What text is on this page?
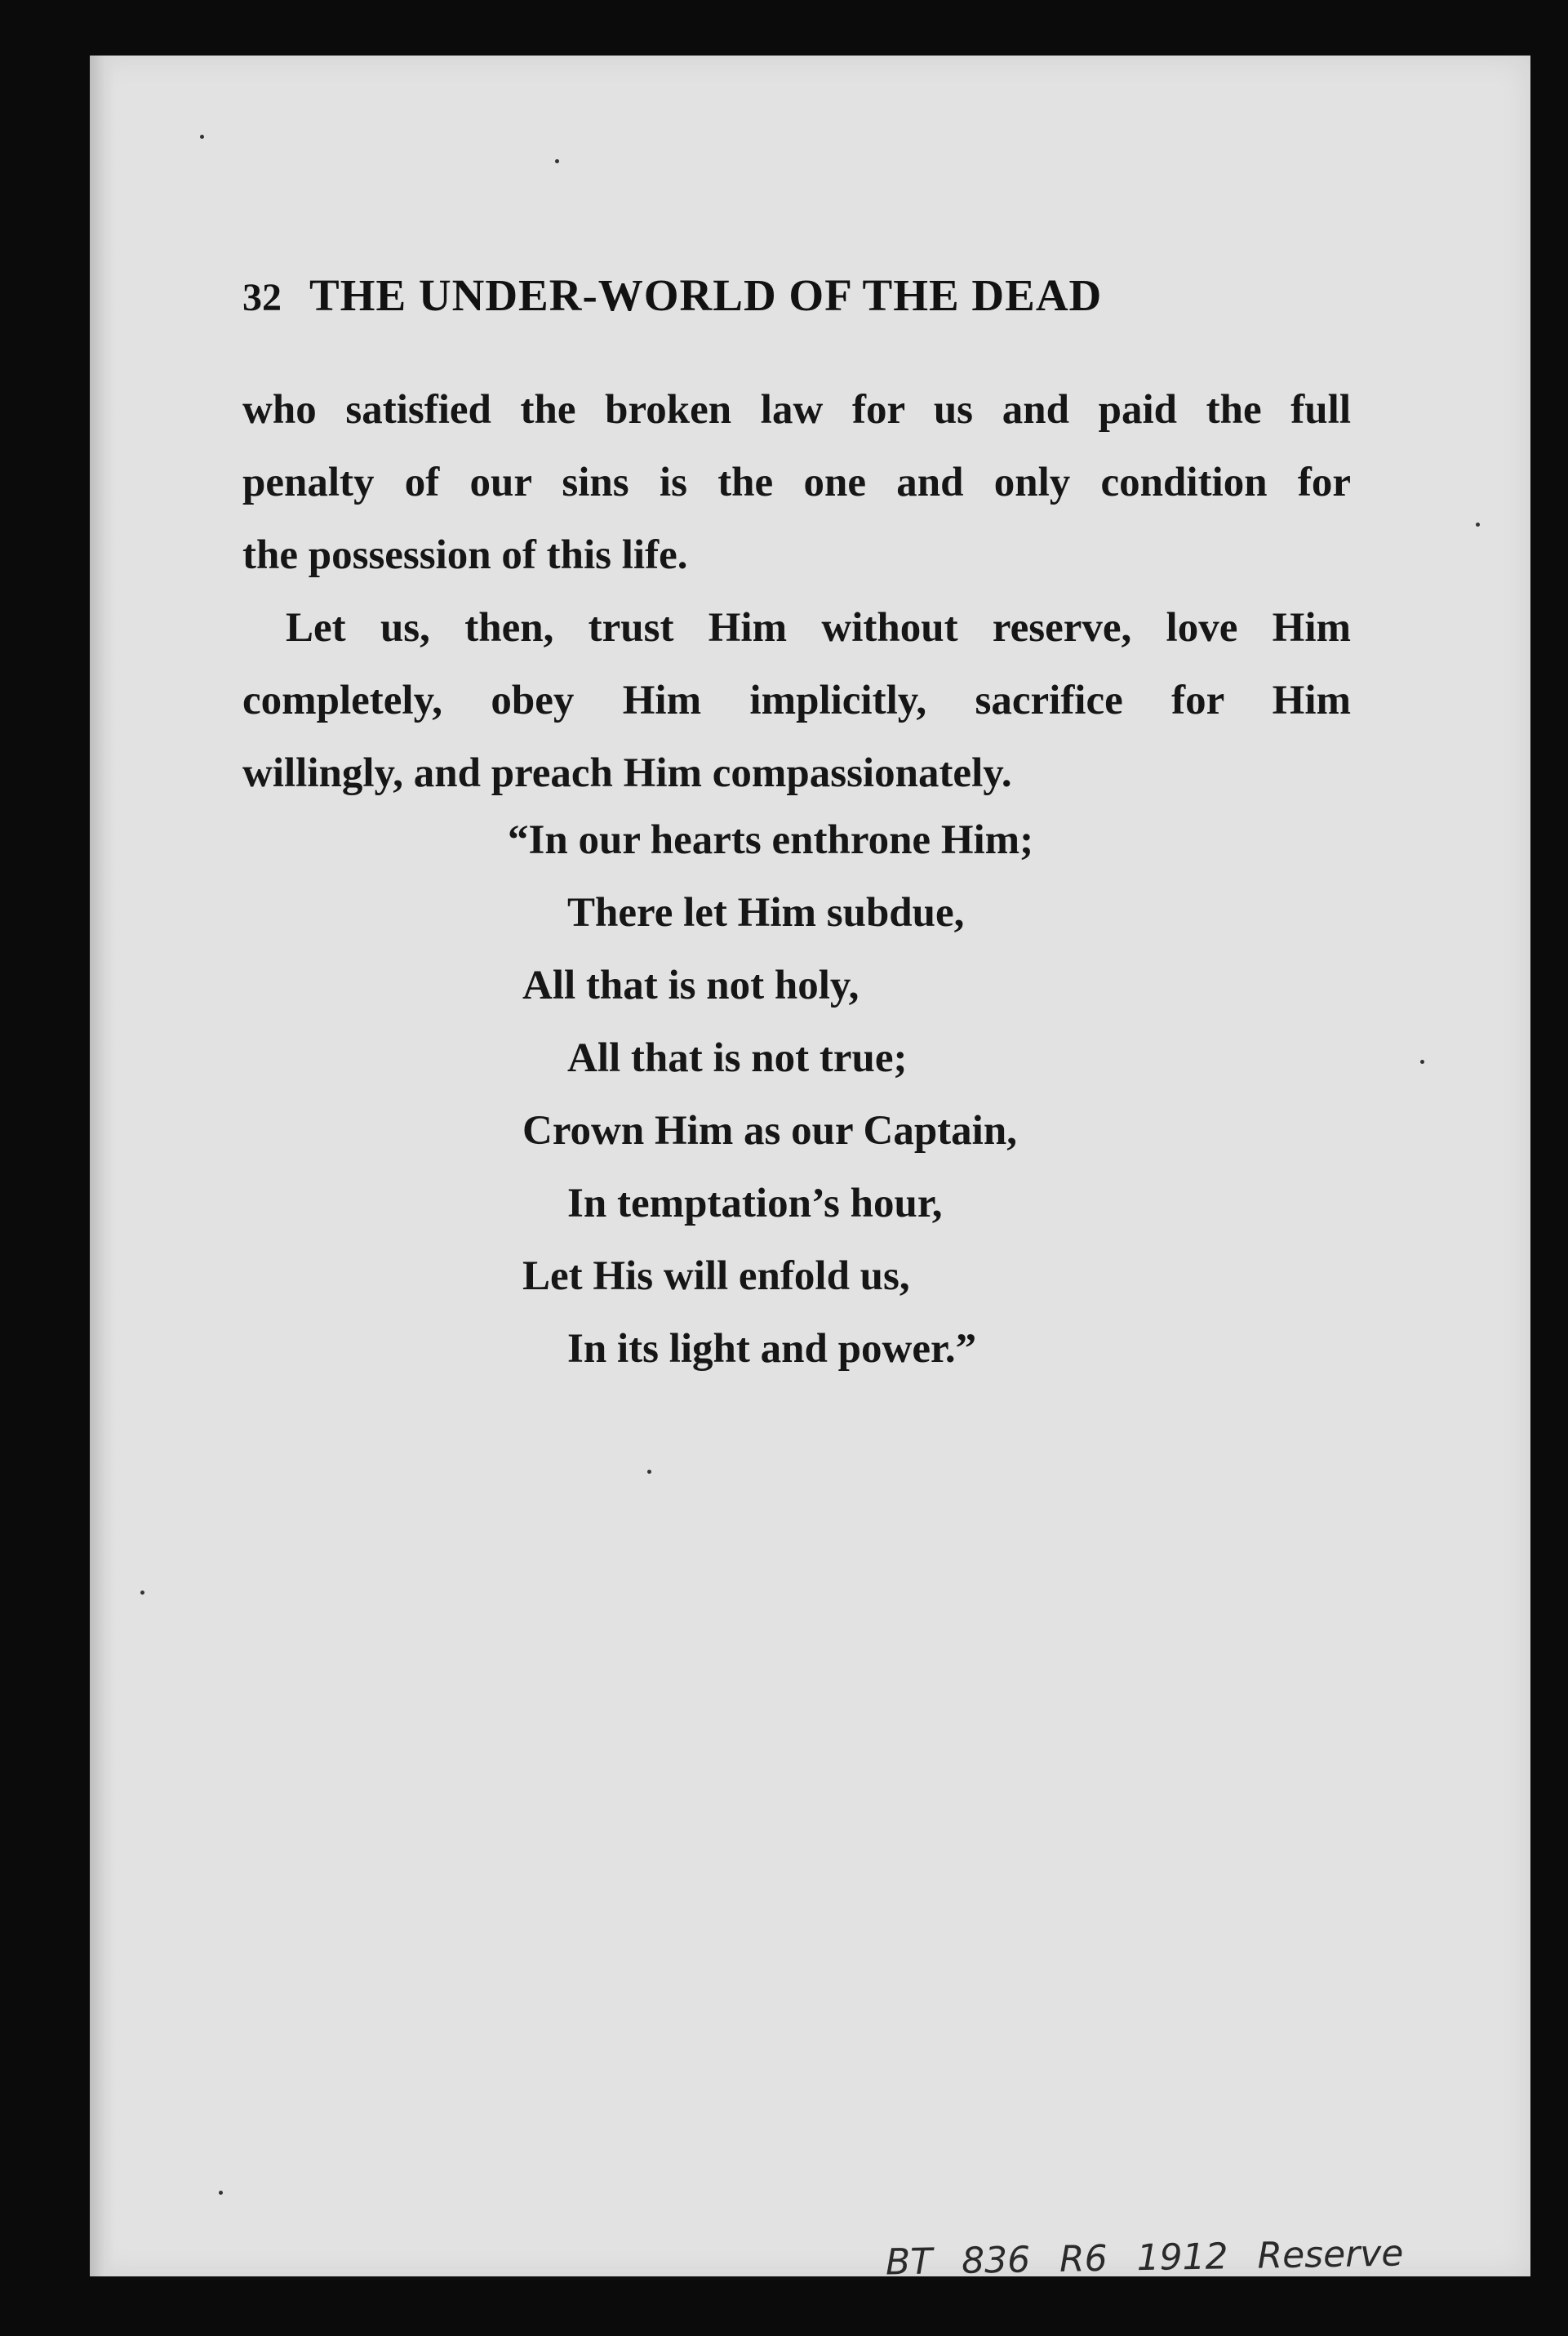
32 THE UNDER-WORLD OF THE DEAD
who satisfied the broken law for us and paid the full
penalty of our sins is the one and only condition for
the possession of this life.
Let us, then, trust Him without reserve, love Him
completely, obey Him implicitly, sacrifice for Him
willingly, and preach Him compassionately.
“In our hearts enthrone Him;
There let Him subdue,
All that is not holy,
All that is not true;
Crown Him as our Captain,
In temptation’s hour,
Let His will enfold us,
In its light and power.”
BT 836 R6 1912 Reserve
